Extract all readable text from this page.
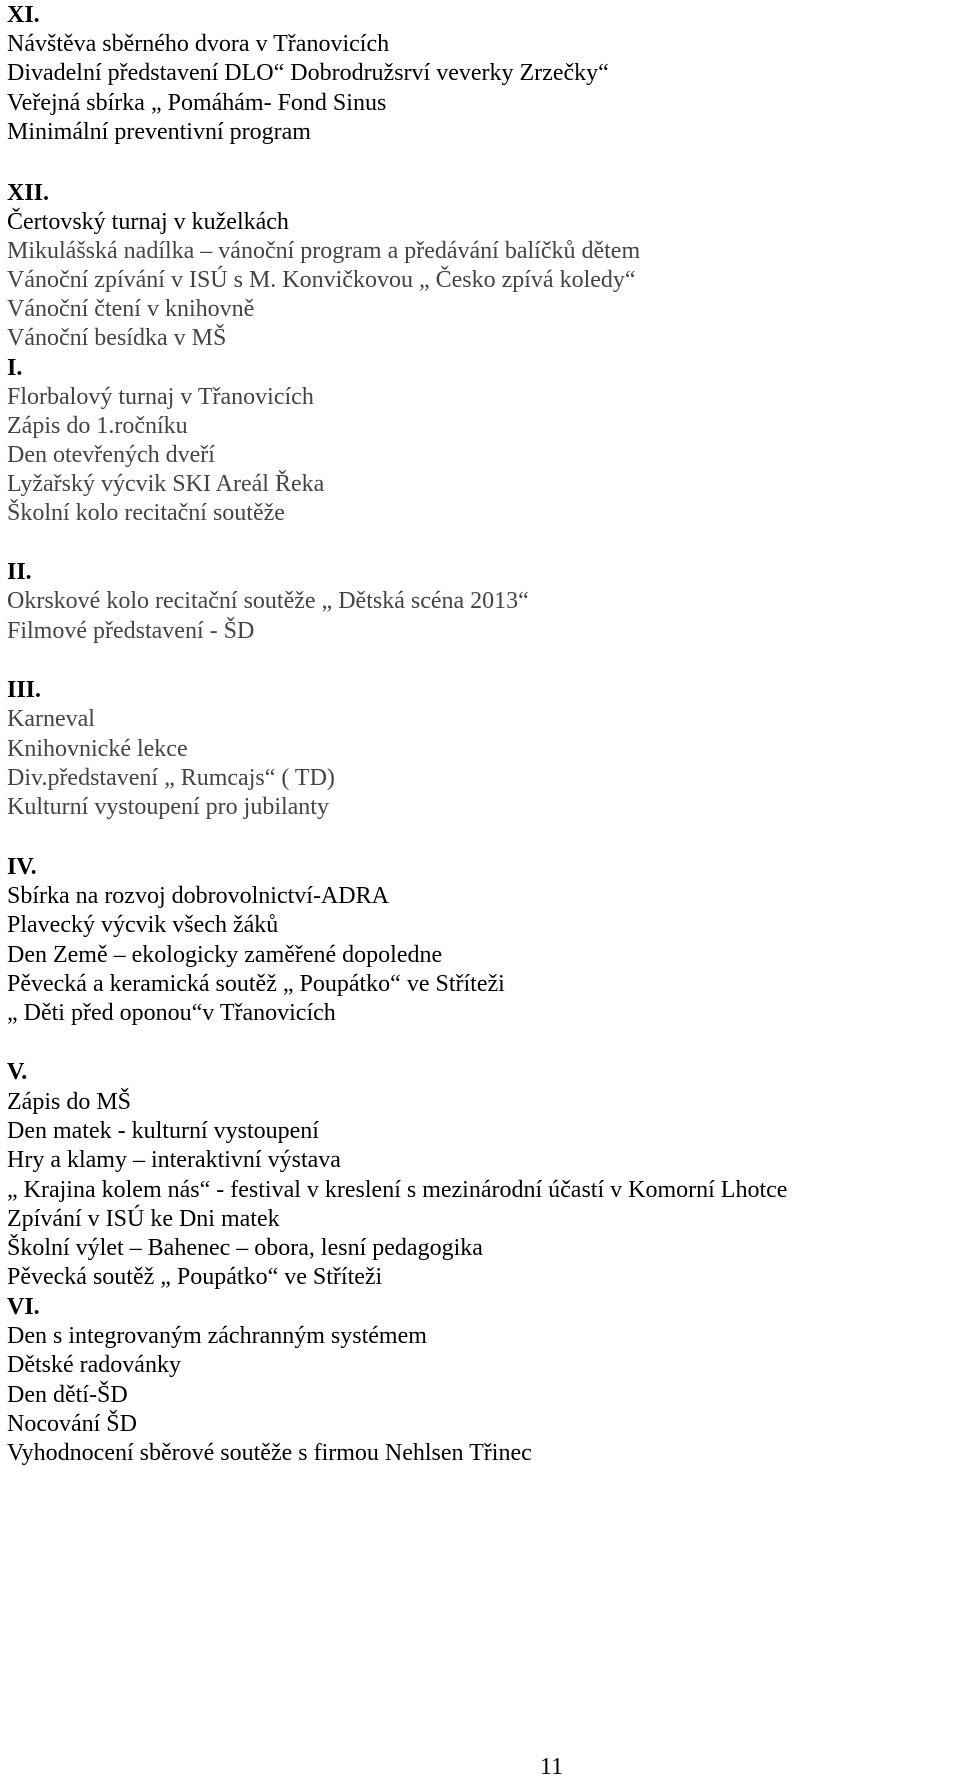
XI.
Návštěva sběrného dvora v Třanovicích
Divadelní představení DLO“ Dobrodružsrví veverky Zrzečky“
Veřejná sbírka „ Pomáhám- Fond Sinus
Minimální preventivní program
XII.
Čertovský turnaj v kuželkách
Mikulášská nadílka – vánoční program a předávání balíčků dětem
Vánoční zpívání v ISÚ s M. Konvičkovou „ Česko zpívá koledy“
Vánoční čtení v knihovně
Vánoční besídka v MŠ
I.
Florbalový turnaj v Třanovicích
Zápis do 1.ročníku
Den otevřených dveří
Lyžařský výcvik SKI Areál Řeka
Školní kolo recitační soutěže
II.
Okrskové kolo recitační soutěže „ Dětská scéna 2013“
Filmové představení - ŠD
III.
Karneval
Knihovnické lekce
Div.představení „ Rumcajs“ ( TD)
Kulturní vystoupení pro jubilanty
IV.
Sbírka na rozvoj dobrovolnictví-ADRA
Plavecký výcvik všech žáků
Den Země – ekologicky zaměřené dopoledne
Pěvecká a keramická soutěž „ Poupátko“ ve Stříteži
„ Děti před oponou“v Třanovicích
V.
Zápis do MŠ
Den matek - kulturní vystoupení
Hry a klamy – interaktivní výstava
„ Krajina kolem nás“ - festival v kreslení s mezinárodní účastí v Komorní Lhotce
Zpívání v ISÚ ke Dni matek
Školní výlet – Bahenec – obora, lesní pedagogika
Pěvecká soutěž „ Poupátko“ ve Stříteži
VI.
Den s integrovaným záchranným systémem
Dětské radovánky
Den dětí-ŠD
Nocování ŠD
Vyhodnocení sběrové soutěže s firmou Nehlsen Třinec
11
